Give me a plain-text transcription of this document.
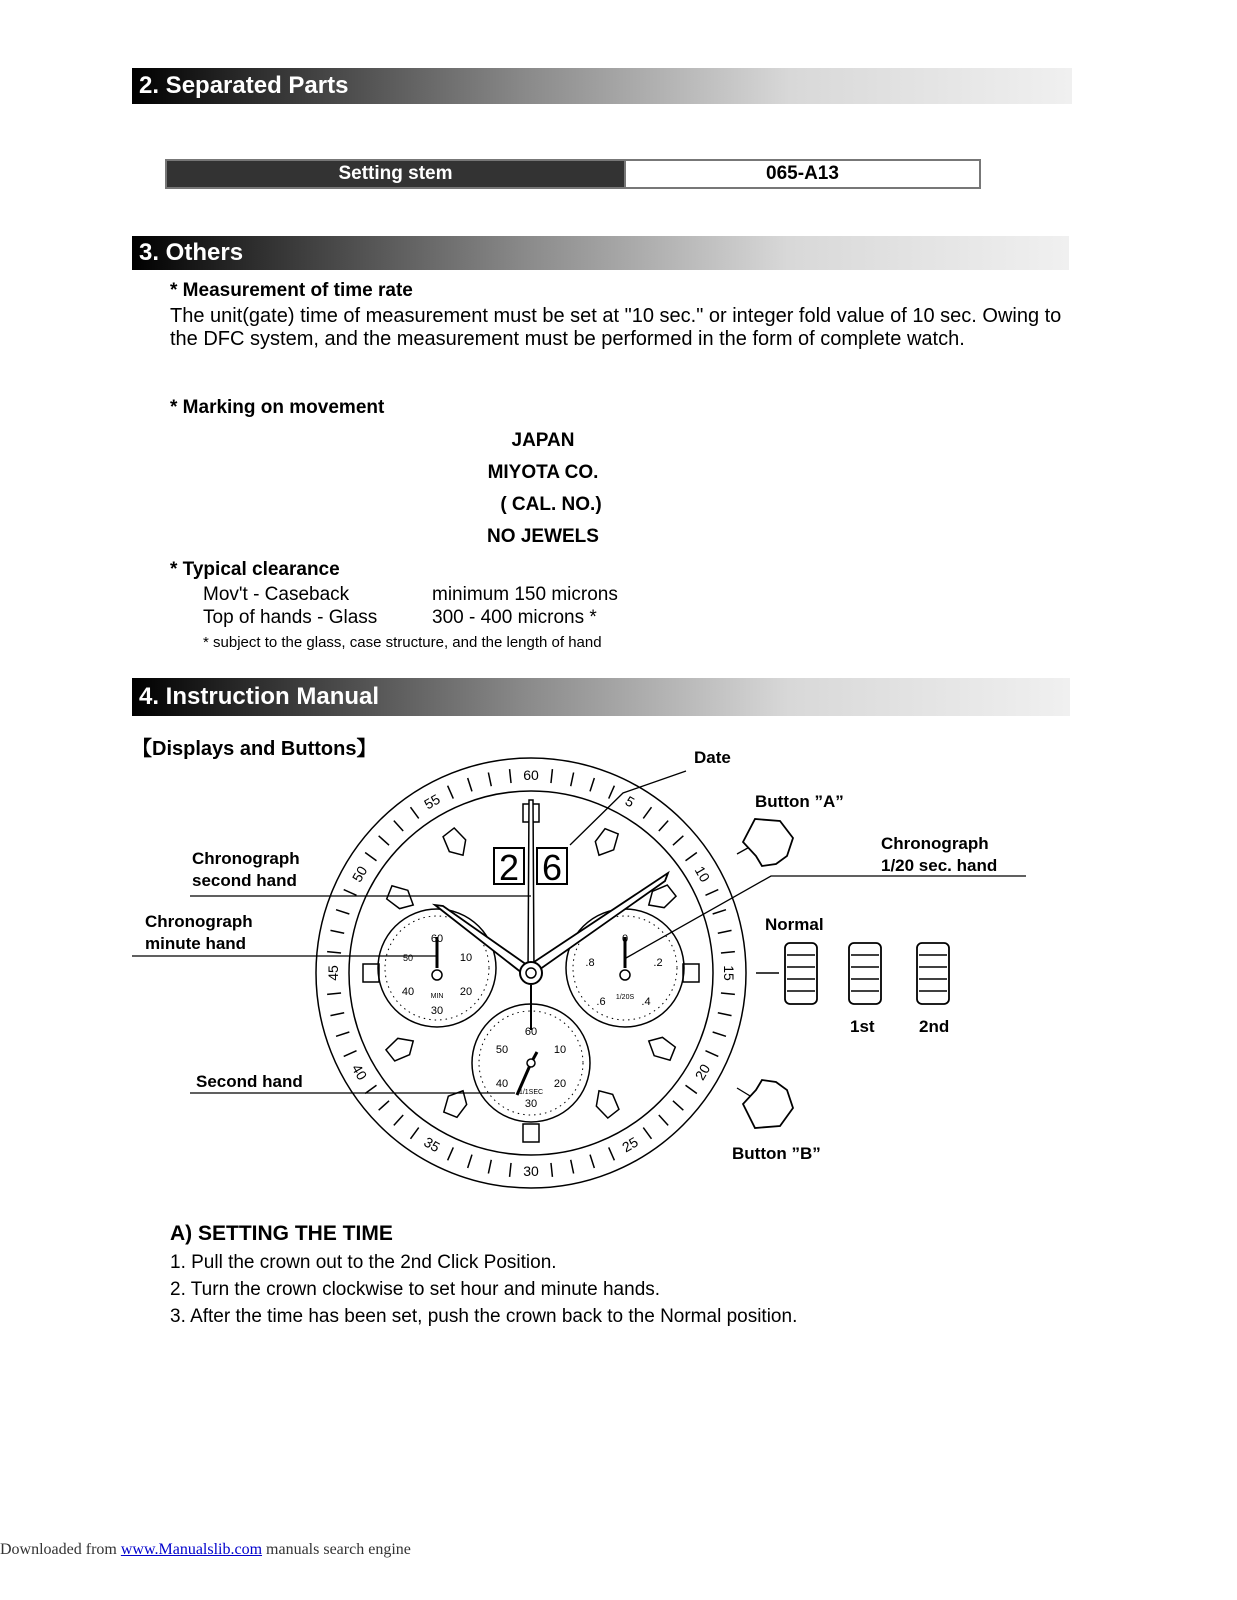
2. Separated Parts
Setting stem	065-A13
3. Others
* Measurement of time rate
The unit(gate) time of measurement must be set at "10 sec." or integer fold value of 10 sec. Owing to
the DFC system, and the measurement must be performed in the form of complete watch.
* Marking on movement
JAPAN
MIYOTA CO.
( CAL. NO.)
NO JEWELS
* Typical clearance
Mov't - Caseback	minimum 150 microns
Top of hands - Glass	300 - 400 microns *
* subject to the glass, case structure, and the length of hand
4. Instruction Manual
【Displays and Buttons】
60
5
10
15
20
25
30
35
40
45
50
55
2 6
60
50	10
40	20
30
MIN
0
.8	.2
.6	.4
1/20S
60
50	10
40	20
30
1/1SEC
Date
Button ”A”
Chronograph
1/20 sec. hand
Chronograph
second hand
Chronograph
minute hand
Normal
1st	2nd
Second hand
Button ”B”
A) SETTING THE TIME
1. Pull the crown out to the 2nd Click Position.
2. Turn the crown clockwise to set hour and minute hands.
3. After the time has been set, push the crown back to the Normal position.
Downloaded from www.Manualslib.com manuals search engine
